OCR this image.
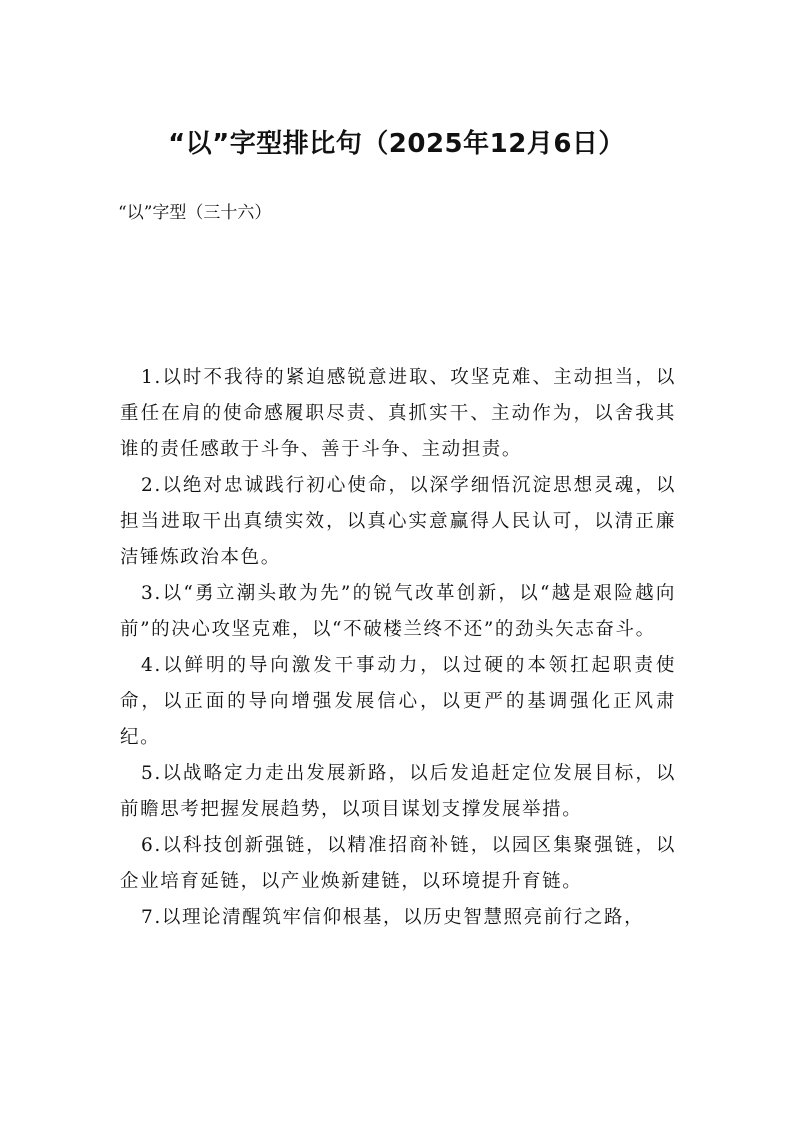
“以”字型排比句（2025年12月6日）

“以”字型（三十六）

1.以时不我待的紧迫感锐意进取、攻坚克难、主动担当，以重任在肩的使命感履职尽责、真抓实干、主动作为，以舍我其谁的责任感敢于斗争、善于斗争、主动担责。

2.以绝对忠诚践行初心使命，以深学细悟沉淀思想灵魂，以担当进取干出真绩实效，以真心实意赢得人民认可，以清正廉洁锤炼政治本色。

3.以“勇立潮头敢为先”的锐气改革创新，以“越是艰险越向前”的决心攻坚克难，以“不破楼兰终不还”的劲头矢志奋斗。

4.以鲜明的导向激发干事动力，以过硬的本领扛起职责使命，以正面的导向增强发展信心，以更严的基调强化正风肃纪。

5.以战略定力走出发展新路，以后发追赶定位发展目标，以前瞻思考把握发展趋势，以项目谋划支撑发展举措。

6.以科技创新强链，以精准招商补链，以园区集聚强链，以企业培育延链，以产业焕新建链，以环境提升育链。

7.以理论清醒筑牢信仰根基，以历史智慧照亮前行之路，
